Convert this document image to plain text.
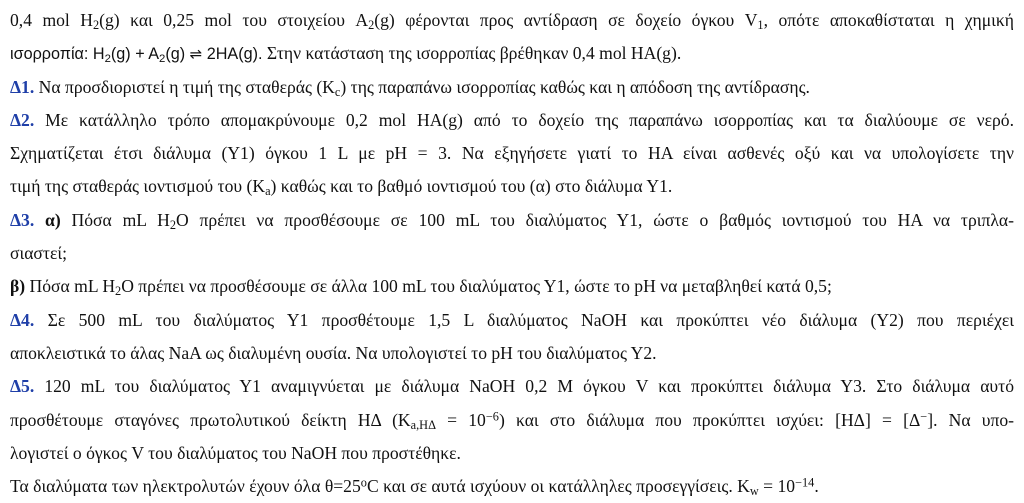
0,4 mol $H_2(g)$ και 0,25 mol του στοιχείου $A_2(g)$ φέρονται προς αντίδραση σε δοχείο όγκου $V_1$, οπότε αποκαθίσταται η χημική
ισορροπία: $H_2(g) + A_2(g)$ ⇌ 2HA(g). Στην κατάσταση της ισορροπίας βρέθηκαν 0,4 mol HA(g).
Δ1. Να προσδιοριστεί η τιμή της σταθεράς $(K_c)$ της παραπάνω ισορροπίας καθώς και η απόδοση της αντίδρασης.
Δ2. Με κατάλληλο τρόπο απομακρύνουμε 0,2 mol HA(g) από το δοχείο της παραπάνω ισορροπίας και τα διαλύουμε σε νερό.
Σχηματίζεται έτσι διάλυμα (Υ1) όγκου 1 L με pH = 3. Να εξηγήσετε γιατί το HA είναι ασθενές οξύ και να υπολογίσετε την
τιμή της σταθεράς ιοντισμού του $(K_a)$ καθώς και το βαθμό ιοντισμού του (α) στο διάλυμα Υ1.
Δ3. α) Πόσα mL $H_2O$ πρέπει να προσθέσουμε σε 100 mL του διαλύματος Υ1, ώστε ο βαθμός ιοντισμού του HA να τριπλα-
σιαστεί;
β) Πόσα mL $H_2O$ πρέπει να προσθέσουμε σε άλλα 100 mL του διαλύματος Υ1, ώστε το pH να μεταβληθεί κατά 0,5;
Δ4. Σε 500 mL του διαλύματος Υ1 προσθέτουμε 1,5 L διαλύματος NaOH και προκύπτει νέο διάλυμα (Υ2) που περιέχει
αποκλειστικά το άλας NaA ως διαλυμένη ουσία. Να υπολογιστεί το pH του διαλύματος Υ2.
Δ5. 120 mL του διαλύματος Υ1 αναμιγνύεται με διάλυμα NaOH 0,2 M όγκου V και προκύπτει διάλυμα Υ3. Στο διάλυμα αυτό
προσθέτουμε σταγόνες πρωτολυτικού δείκτη HΔ $(K_{a,H\Delta} = 10^{-6})$ και στο διάλυμα που προκύπτει ισχύει: [HΔ] = [Δ−]. Να υπο-
λογιστεί ο όγκος V του διαλύματος του NaOH που προστέθηκε.
Τα διαλύματα των ηλεκτρολυτών έχουν όλα $\theta=25^oC$ και σε αυτά ισχύουν οι κατάλληλες προσεγγίσεις. $K_w = 10^{-14}$.
